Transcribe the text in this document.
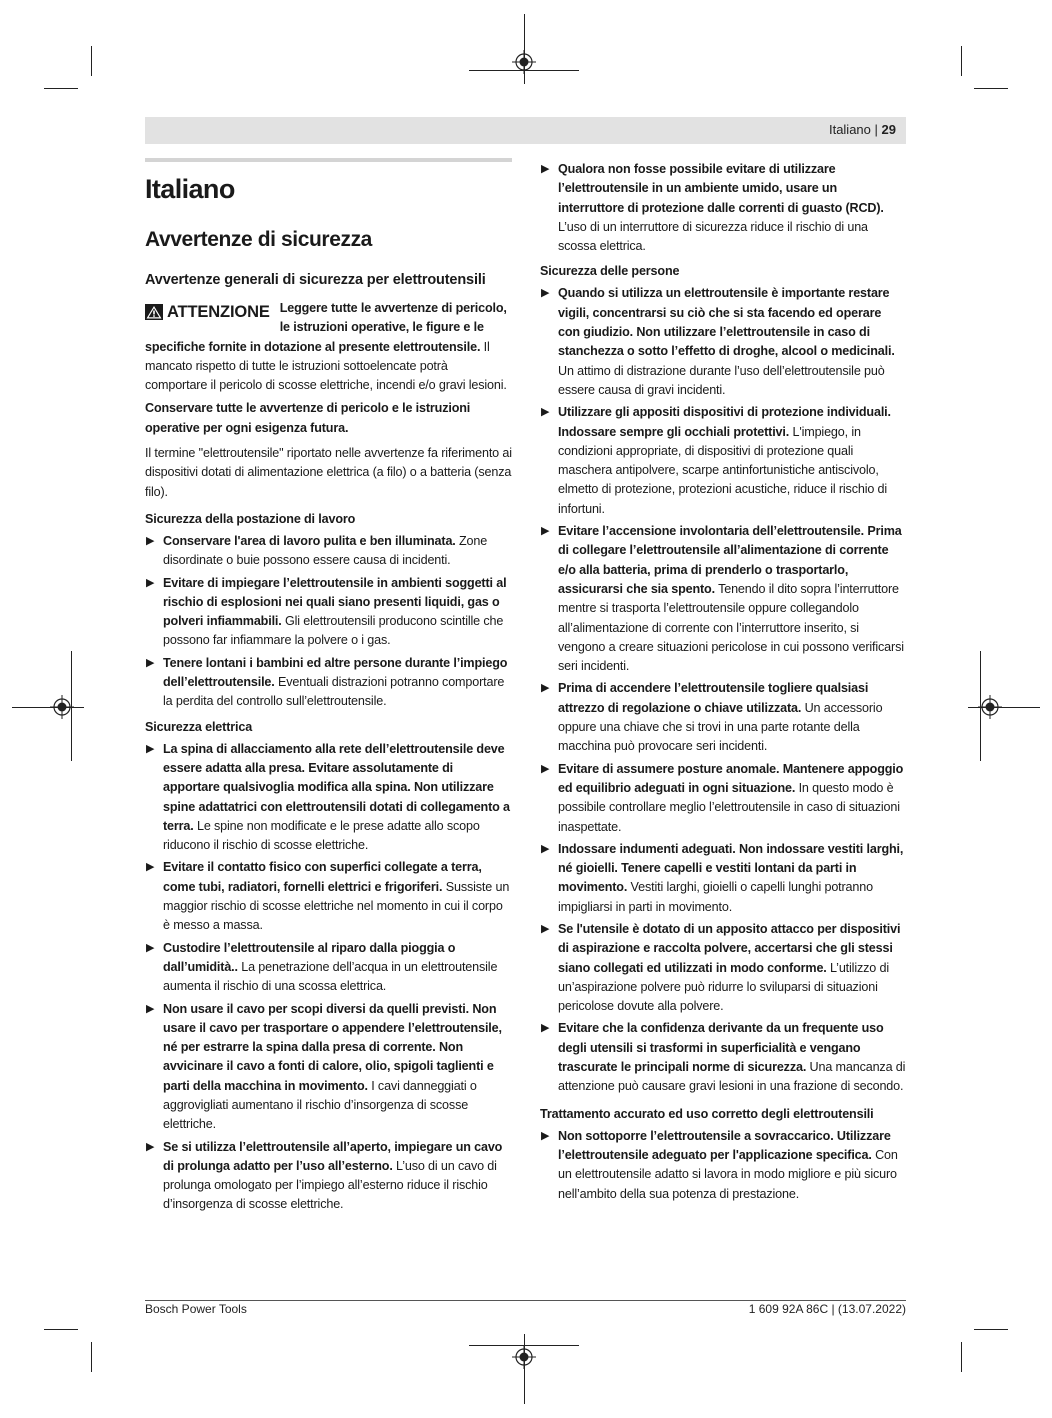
Italiano | 29
Italiano
Avvertenze di sicurezza
Avvertenze generali di sicurezza per elettroutensili
ATTENZIONE Leggere tutte le avvertenze di pericolo, le istruzioni operative, le figure e le specifiche fornite in dotazione al presente elettroutensile. Il mancato rispetto di tutte le istruzioni sottoelencate potrà comportare il pericolo di scosse elettriche, incendi e/o gravi lesioni.

Conservare tutte le avvertenze di pericolo e le istruzioni operative per ogni esigenza futura.

Il termine "elettroutensile" riportato nelle avvertenze fa riferimento ai dispositivi dotati di alimentazione elettrica (a filo) o a batteria (senza filo).

Sicurezza della postazione di lavoro
▶ Conservare l'area di lavoro pulita e ben illuminata. Zone disordinate o buie possono essere causa di incidenti.
▶ Evitare di impiegare l’elettroutensile in ambienti soggetti al rischio di esplosioni nei quali siano presenti liquidi, gas o polveri infiammabili. Gli elettroutensili producono scintille che possono far infiammare la polvere o i gas.
▶ Tenere lontani i bambini ed altre persone durante l’impiego dell’elettroutensile. Eventuali distrazioni potranno comportare la perdita del controllo sull’elettroutensile.
Sicurezza elettrica
▶ La spina di allacciamento alla rete dell’elettroutensile deve essere adatta alla presa. Evitare assolutamente di apportare qualsivoglia modifica alla spina. Non utilizzare spine adattatrici con elettroutensili dotati di collegamento a terra. Le spine non modificate e le prese adatte allo scopo riducono il rischio di scosse elettriche.
▶ Evitare il contatto fisico con superfici collegate a terra, come tubi, radiatori, fornelli elettrici e frigoriferi. Sussiste un maggior rischio di scosse elettriche nel momento in cui il corpo è messo a massa.
▶ Custodire l’elettroutensile al riparo dalla pioggia o dall’umidità.. La penetrazione dell’acqua in un elettroutensile aumenta il rischio di una scossa elettrica.
▶ Non usare il cavo per scopi diversi da quelli previsti. Non usare il cavo per trasportare o appendere l’elettroutensile, né per estrarre la spina dalla presa di corrente. Non avvicinare il cavo a fonti di calore, olio, spigoli taglienti e parti della macchina in movimento. I cavi danneggiati o aggrovigliati aumentano il rischio d’insorgenza di scosse elettriche.
▶ Se si utilizza l’elettroutensile all’aperto, impiegare un cavo di prolunga adatto per l’uso all’esterno. L’uso di un cavo di prolunga omologato per l’impiego all’esterno riduce il rischio d’insorgenza di scosse elettriche.
▶ Qualora non fosse possibile evitare di utilizzare l’elettroutensile in un ambiente umido, usare un interruttore di protezione dalle correnti di guasto (RCD). L’uso di un interruttore di sicurezza riduce il rischio di una scossa elettrica.
Sicurezza delle persone
▶ Quando si utilizza un elettroutensile è importante restare vigili, concentrarsi su ciò che si sta facendo ed operare con giudizio. Non utilizzare l’elettroutensile in caso di stanchezza o sotto l’effetto di droghe, alcool o medicinali. Un attimo di distrazione durante l’uso dell’elettroutensile può essere causa di gravi incidenti.
▶ Utilizzare gli appositi dispositivi di protezione individuali. Indossare sempre gli occhiali protettivi. L'impiego, in condizioni appropriate, di dispositivi di protezione quali maschera antipolvere, scarpe antinfortunistiche antiscivolo, elmetto di protezione, protezioni acustiche, riduce il rischio di infortuni.
▶ Evitare l’accensione involontaria dell’elettroutensile. Prima di collegare l’elettroutensile all’alimentazione di corrente e/o alla batteria, prima di prenderlo o trasportarlo, assicurarsi che sia spento. Tenendo il dito sopra l’interruttore mentre si trasporta l’elettroutensile oppure collegandolo all’alimentazione di corrente con l’interruttore inserito, si vengono a creare situazioni pericolose in cui possono verificarsi seri incidenti.
▶ Prima di accendere l’elettroutensile togliere qualsiasi attrezzo di regolazione o chiave utilizzata. Un accessorio oppure una chiave che si trovi in una parte rotante della macchina può provocare seri incidenti.
▶ Evitare di assumere posture anomale. Mantenere appoggio ed equilibrio adeguati in ogni situazione. In questo modo è possibile controllare meglio l’elettroutensile in caso di situazioni inaspettate.
▶ Indossare indumenti adeguati. Non indossare vestiti larghi, né gioielli. Tenere capelli e vestiti lontani da parti in movimento. Vestiti larghi, gioielli o capelli lunghi potranno impigliarsi in parti in movimento.
▶ Se l'utensile è dotato di un apposito attacco per dispositivi di aspirazione e raccolta polvere, accertarsi che gli stessi siano collegati ed utilizzati in modo conforme. L’utilizzo di un’aspirazione polvere può ridurre lo sviluparsi di situazioni pericolose dovute alla polvere.
▶ Evitare che la confidenza derivante da un frequente uso degli utensili si trasformi in superficialità e vengano trascurate le principali norme di sicurezza. Una mancanza di attenzione può causare gravi lesioni in una frazione di secondo.
Trattamento accurato ed uso corretto degli elettroutensili
▶ Non sottoporre l’elettroutensile a sovraccarico. Utilizzare l’elettroutensile adeguato per l'applicazione specifica. Con un elettroutensile adatto si lavora in modo migliore e più sicuro nell’ambito della sua potenza di prestazione.
Bosch Power Tools	1 609 92A 86C | (13.07.2022)
